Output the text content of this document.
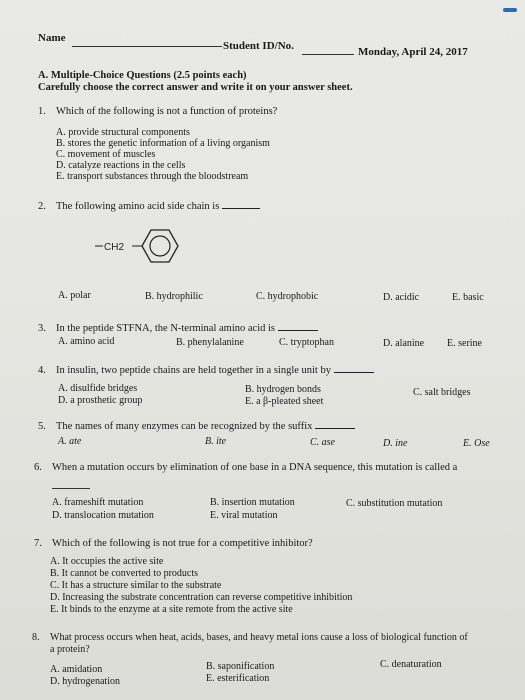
Name
Student ID/No.	Monday, April 24, 2017
A. Multiple-Choice Questions (2.5 points each)
Carefully choose the correct answer and write it on your answer sheet.
1. Which of the following is not a function of proteins?
A. provide structural components
B. stores the genetic information of a living organism
C. movement of muscles
D. catalyze reactions in the cells
E. transport substances through the bloodstream
2. The following amino acid side chain is
CH2
A. polar	B. hydrophilic	C. hydrophobic	D. acidic	E. basic
3. In the peptide STFNA, the N-terminal amino acid is
A. amino acid	B. phenylalanine	C. tryptophan	D. alanine E. serine
4. In insulin, two peptide chains are held together in a single unit by
A. disulfide bridges	B. hydrogen bonds	C. salt bridges
D. a prosthetic group	E. a β-pleated sheet
5. The names of many enzymes can be recognized by the suffix
A. ate	B. ite	C. ase	D. ine	E. Ose
6. When a mutation occurs by elimination of one base in a DNA sequence, this mutation is called a
A. frameshift mutation	B. insertion mutation	C. substitution mutation
D. translocation mutation	E. viral mutation
7. Which of the following is not true for a competitive inhibitor?
A. It occupies the active site
B. It cannot be converted to products
C. It has a structure similar to the substrate
D. Increasing the substrate concentration can reverse competitive inhibition
E. It binds to the enzyme at a site remote from the active site
8. What process occurs when heat, acids, bases, and heavy metal ions cause a loss of biological function of
a protein?
A. amidation	B. saponification	C. denaturation
D. hydrogenation	E. esterification
